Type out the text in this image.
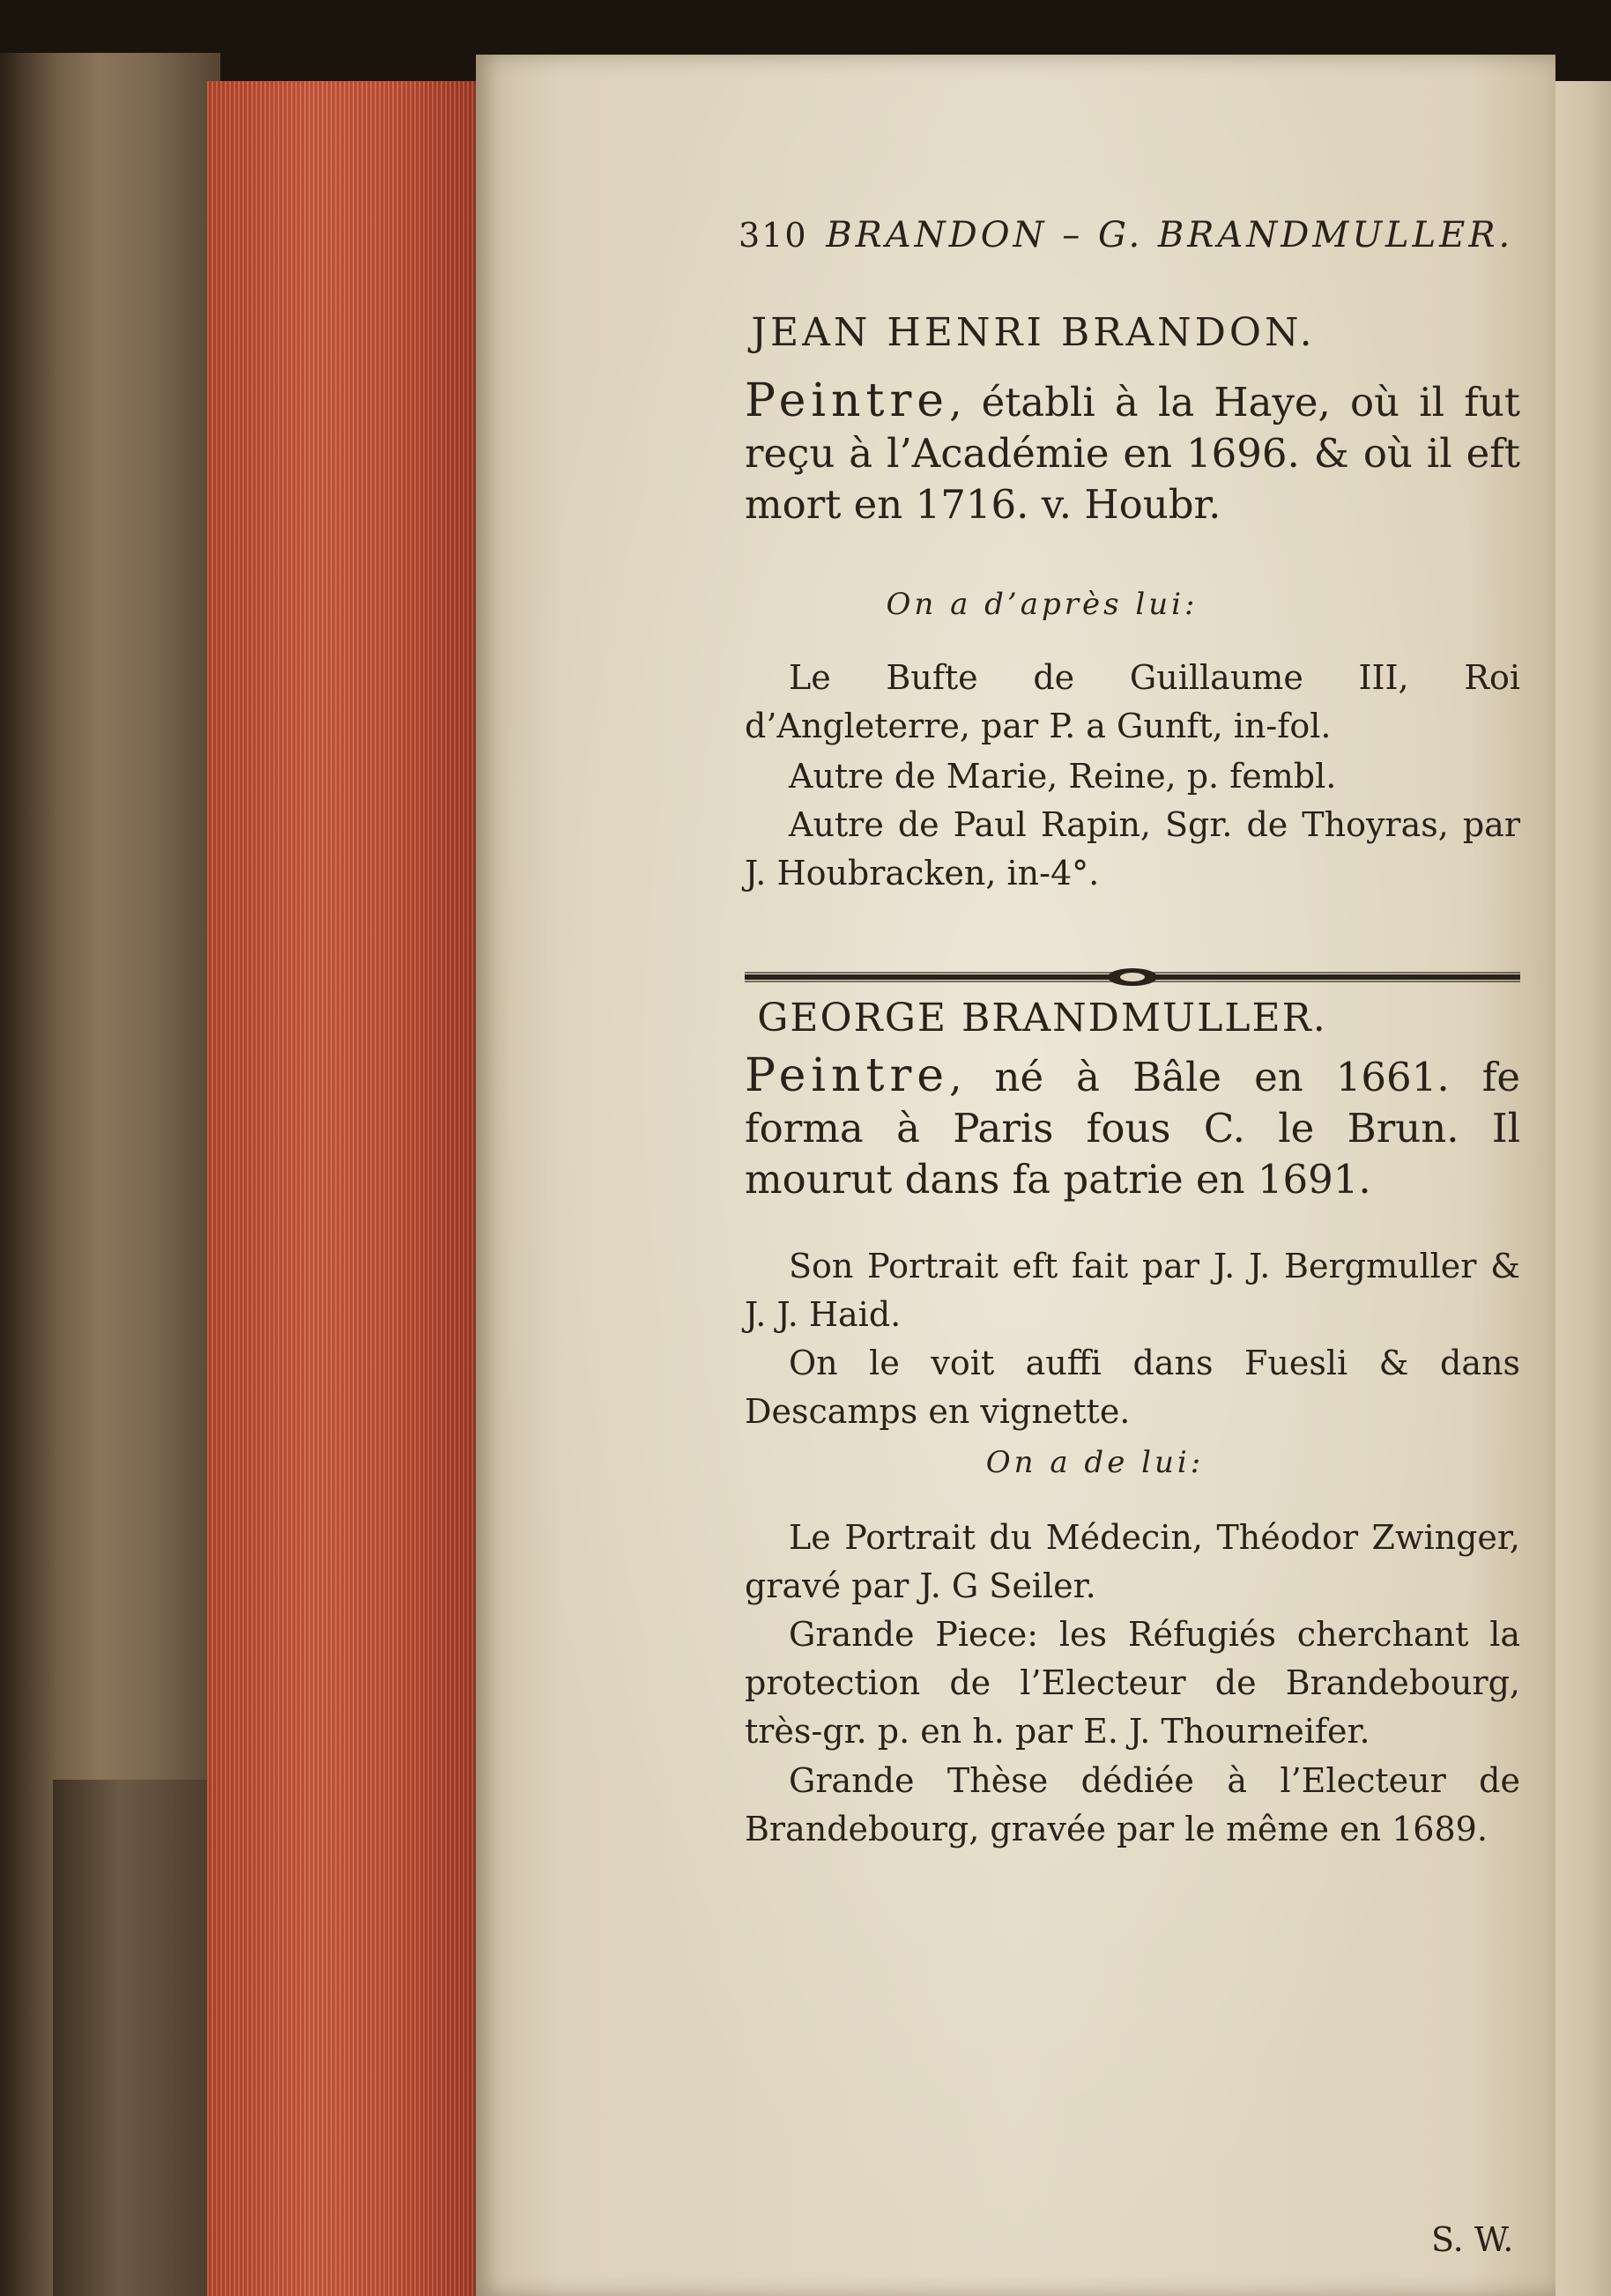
310 BRANDON – G. BRANDMULLER.
JEAN HENRI BRANDON.
Peintre, établi à la Haye, où il fut reçu à l’Académie en 1696. & où il eft mort en 1716. v. Houbr.
On a d’après lui:
Le Bufte de Guillaume III, Roi d’Angleterre, par P. a Gunft, in-fol.
Autre de Marie, Reine, p. fembl.
Autre de Paul Rapin, Sgr. de Thoyras, par J. Houbracken, in-4°.
GEORGE BRANDMULLER.
Peintre, né à Bâle en 1661. fe forma à Paris fous C. le Brun. Il mourut dans fa patrie en 1691.
Son Portrait eft fait par J. J. Bergmuller & J. J. Haid.
On le voit auffi dans Fuesli & dans Descamps en vignette.
On a de lui:
Le Portrait du Médecin, Théodor Zwinger, gravé par J. G Seiler.
Grande Piece: les Réfugiés cherchant la protection de l’Electeur de Brandebourg, très-gr. p. en h. par E. J. Thourneifer.
Grande Thèse dédiée à l’Electeur de Brandebourg, gravée par le même en 1689.
S. W.
